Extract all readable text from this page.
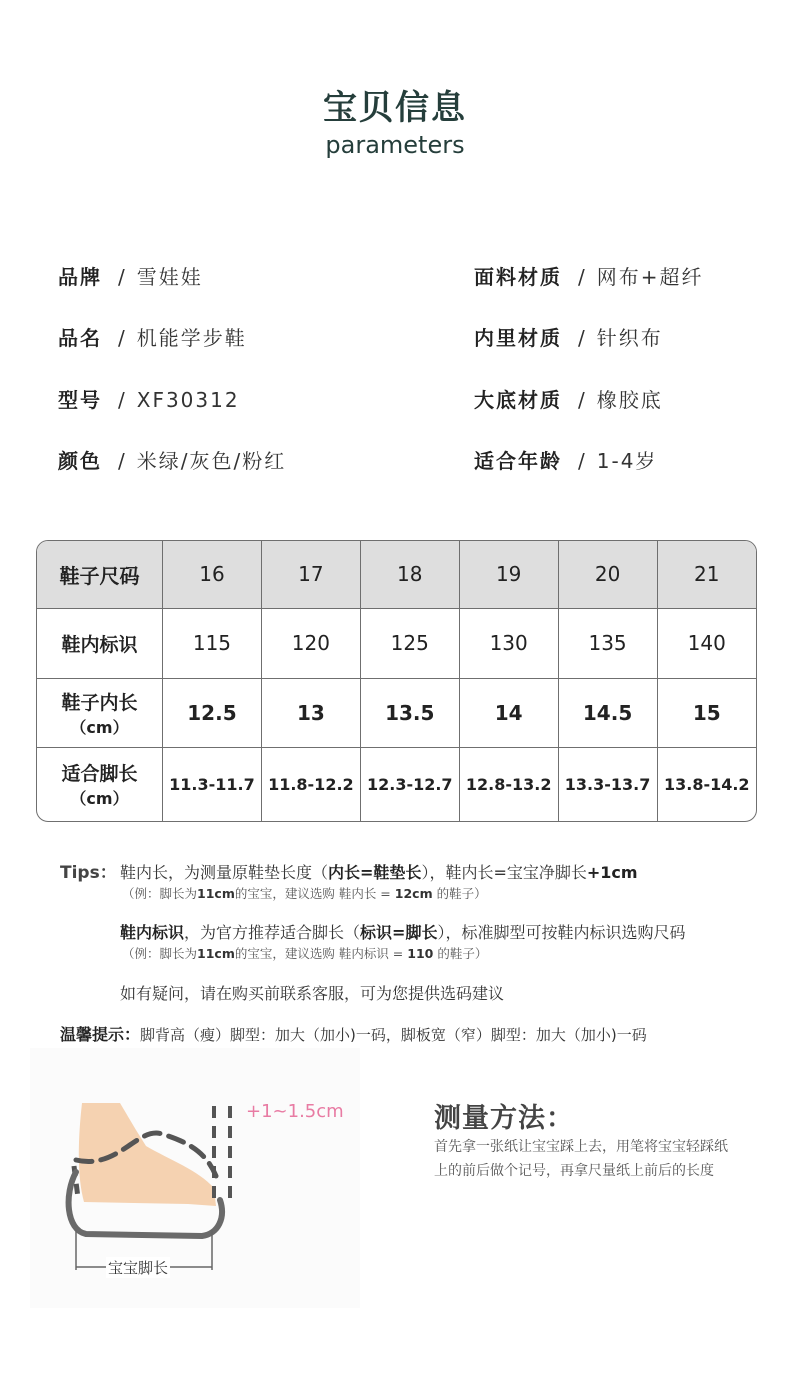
宝贝信息
parameters
品牌 / 雪娃娃
品名 / 机能学步鞋
型号 / XF30312
颜色 / 米绿/灰色/粉红
面料材质 / 网布+超纤
内里材质 / 针织布
大底材质 / 橡胶底
适合年龄 / 1-4岁
鞋子尺码	16	17	18	19	20	21
鞋内标识	115	120	125	130	135	140
鞋子内长
（cm）	12.5	13	13.5	14	14.5	15
适合脚长
（cm）	11.3-11.7	11.8-12.2	12.3-12.7	12.8-13.2	13.3-13.7	13.8-14.2
Tips： 鞋内长，为测量原鞋垫长度（内长=鞋垫长），鞋内长=宝宝净脚长+1cm
（例：脚长为11cm的宝宝，建议选购 鞋内长 = 12cm 的鞋子）
鞋内标识，为官方推荐适合脚长（标识=脚长），标准脚型可按鞋内标识选购尺码
（例：脚长为11cm的宝宝，建议选购 鞋内标识 = 110 的鞋子）
如有疑问，请在购买前联系客服，可为您提供选码建议
温馨提示：脚背高（瘦）脚型：加大（加小)一码，脚板宽（窄）脚型：加大（加小)一码
+1~1.5cm
宝宝脚长
测量方法：
首先拿一张纸让宝宝踩上去，用笔将宝宝轻踩纸上的前后做个记号，再拿尺量纸上前后的长度
